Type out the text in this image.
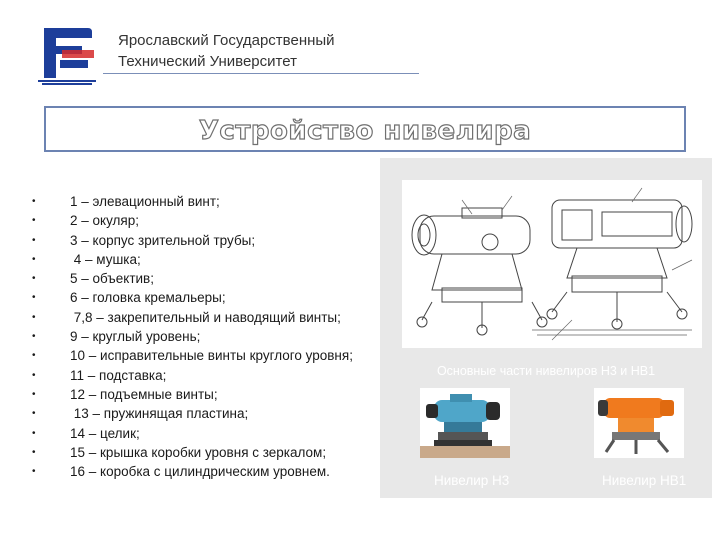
Ярославский Государственный
Технический Университет
Устройство нивелира
•	1 – элевационный винт;
•	2 – окуляр;
•	3 – корпус зрительной трубы;
•	4 – мушка;
•	5 – объектив;
•	6 – головка кремальеры;
•	7,8 – закрепительный и наводящий винты;
•	9 – круглый уровень;
•	10 – исправительные винты круглого уровня;
•	11 – подставка;
•	12 – подъемные винты;
•	13 – пружинящая пластина;
•	14 – целик;
•	15 – крышка коробки уровня с зеркалом;
•	16 – коробка с цилиндрическим уровнем.
Основные части нивелиров Н3 и НВ1
Нивелир Н3	Нивелир НВ1
